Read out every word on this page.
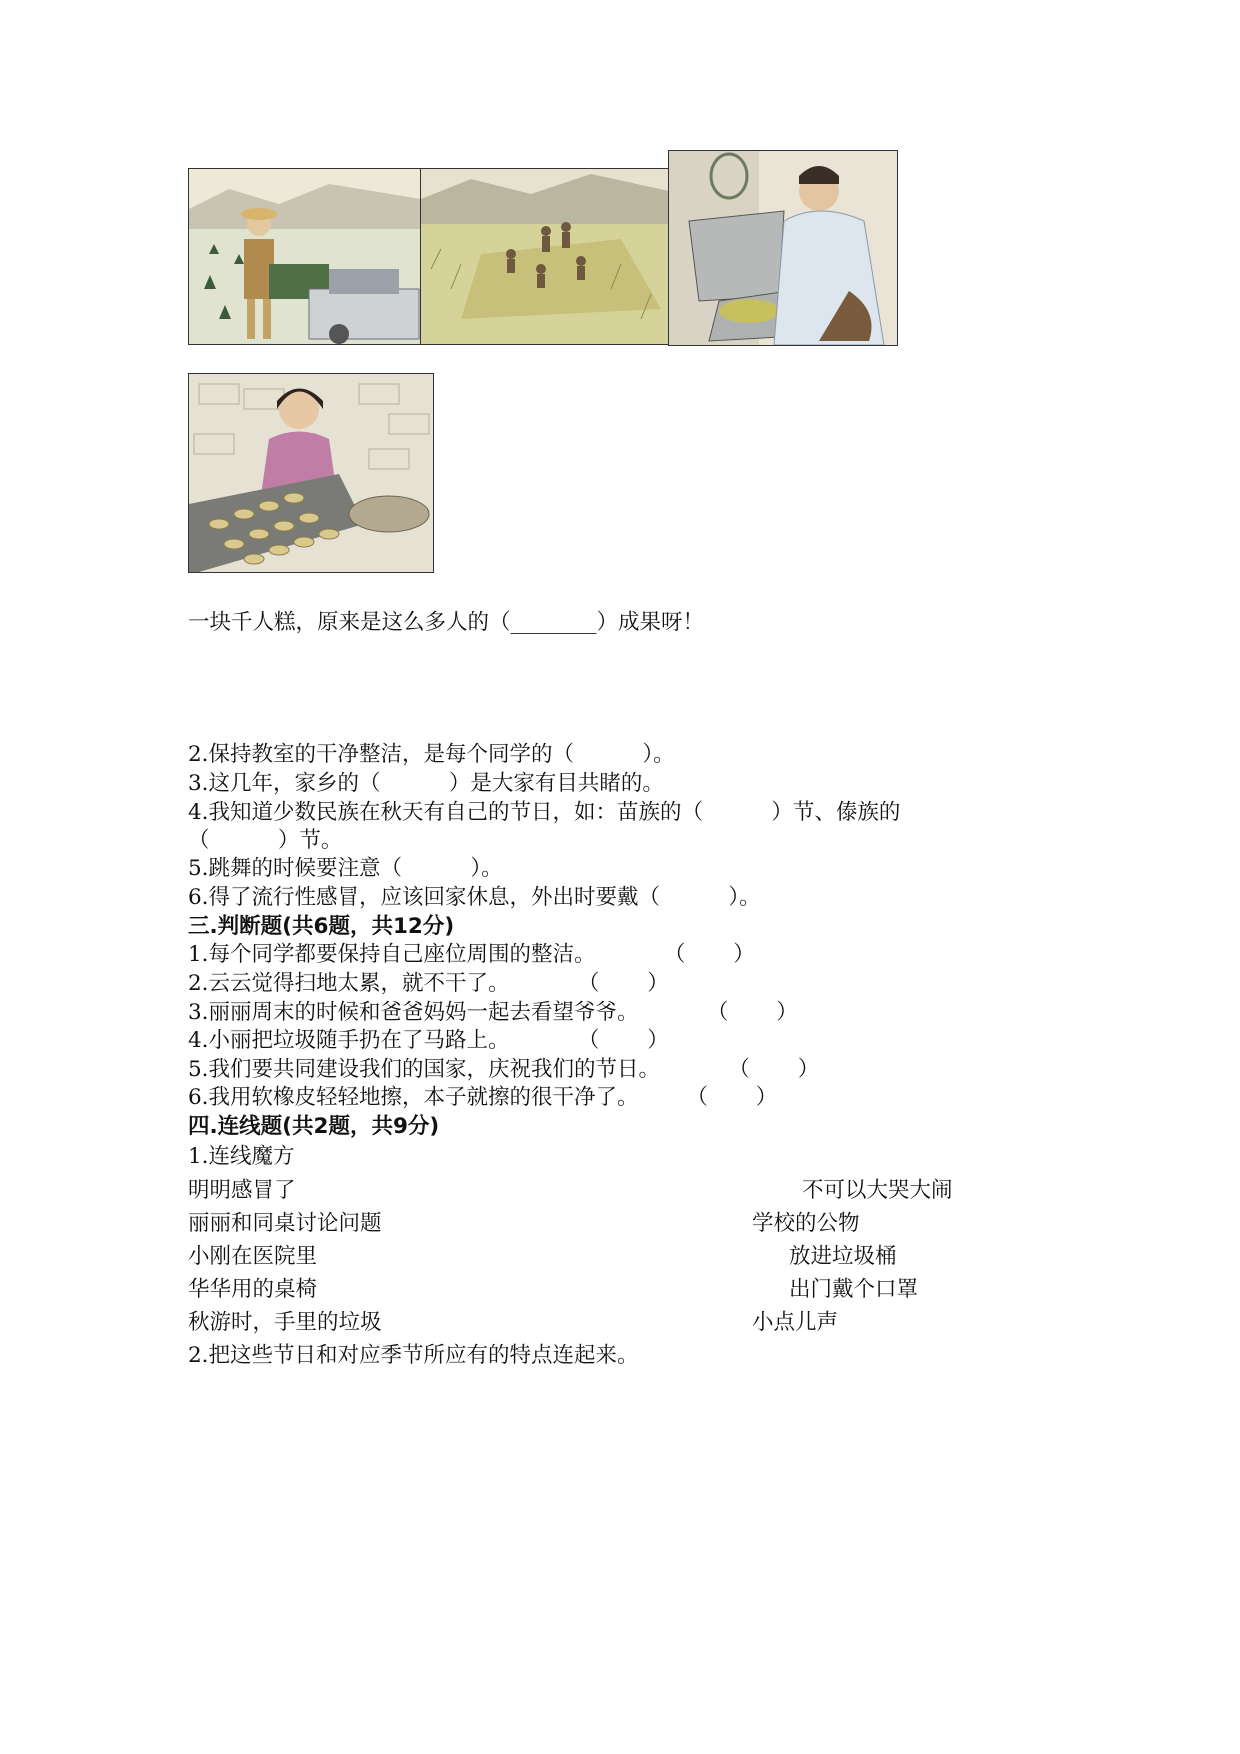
一块千人糕，原来是这么多人的（________）成果呀！
2.保持教室的干净整洁，是每个同学的（          ）。
3.这几年，家乡的（          ）是大家有目共睹的。
4.我知道少数民族在秋天有自己的节日，如：苗族的（          ）节、傣族的
（          ）节。
5.跳舞的时候要注意（          ）。
6.得了流行性感冒，应该回家休息，外出时要戴（          ）。
三.判断题(共6题，共12分)
1.每个同学都要保持自己座位周围的整洁。          （       ）
2.云云觉得扫地太累，就不干了。          （       ）
3.丽丽周末的时候和爸爸妈妈一起去看望爷爷。          （       ）
4.小丽把垃圾随手扔在了马路上。          （       ）
5.我们要共同建设我们的国家，庆祝我们的节日。          （       ）
6.我用软橡皮轻轻地擦，本子就擦的很干净了。       （       ）
四.连线题(共2题，共9分)
1.连线魔方
明明感冒了
丽丽和同桌讨论问题
小刚在医院里
华华用的桌椅
秋游时，手里的垃圾
不可以大哭大闹
学校的公物
放进垃圾桶
出门戴个口罩
小点儿声
2.把这些节日和对应季节所应有的特点连起来。
